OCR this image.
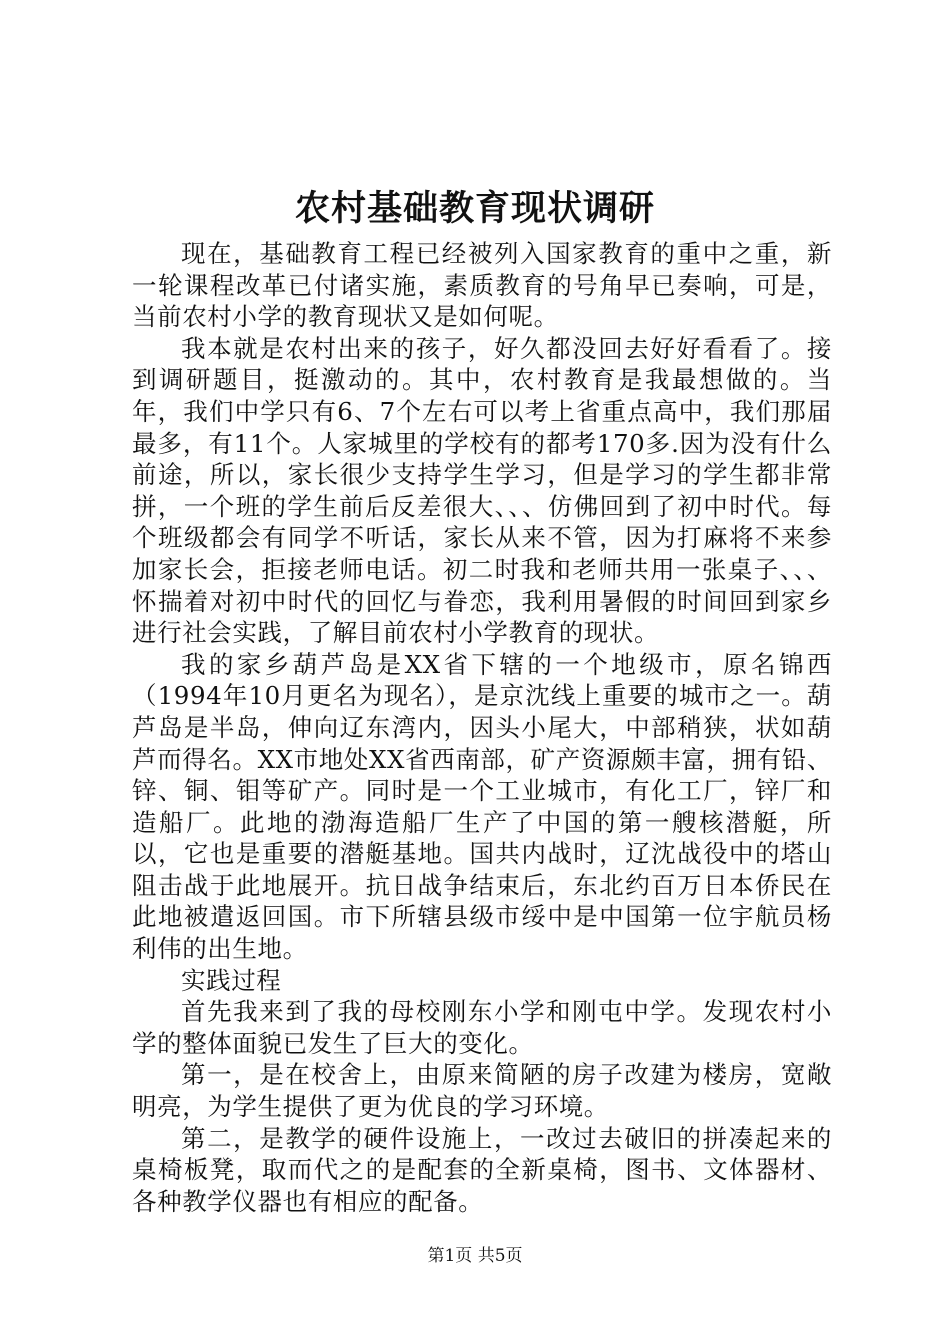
农村基础教育现状调研

现在，基础教育工程已经被列入国家教育的重中之重，新一轮课程改革已付诸实施，素质教育的号角早已奏响，可是，当前农村小学的教育现状又是如何呢。

我本就是农村出来的孩子，好久都没回去好好看看了。接到调研题目，挺激动的。其中，农村教育是我最想做的。当年，我们中学只有6、7个左右可以考上省重点高中，我们那届最多，有11个。人家城里的学校有的都考170多.因为没有什么前途，所以，家长很少支持学生学习，但是学习的学生都非常拼，一个班的学生前后反差很大、、、仿佛回到了初中时代。每个班级都会有同学不听话，家长从来不管，因为打麻将不来参加家长会，拒接老师电话。初二时我和老师共用一张桌子、、、怀揣着对初中时代的回忆与眷恋，我利用暑假的时间回到家乡进行社会实践，了解目前农村小学教育的现状。

我的家乡葫芦岛是XX省下辖的一个地级市，原名锦西（1994年10月更名为现名），是京沈线上重要的城市之一。葫芦岛是半岛，伸向辽东湾内，因头小尾大，中部稍狭，状如葫芦而得名。XX市地处XX省西南部，矿产资源颇丰富，拥有铅、锌、铜、钼等矿产。同时是一个工业城市，有化工厂，锌厂和造船厂。此地的渤海造船厂生产了中国的第一艘核潜艇，所以，它也是重要的潜艇基地。国共内战时，辽沈战役中的塔山阻击战于此地展开。抗日战争结束后，东北约百万日本侨民在此地被遣返回国。市下所辖县级市绥中是中国第一位宇航员杨利伟的出生地。

实践过程

首先我来到了我的母校刚东小学和刚屯中学。发现农村小学的整体面貌已发生了巨大的变化。

第一，是在校舍上，由原来简陋的房子改建为楼房，宽敞明亮，为学生提供了更为优良的学习环境。

第二，是教学的硬件设施上，一改过去破旧的拼凑起来的桌椅板凳，取而代之的是配套的全新桌椅，图书、文体器材、各种教学仪器也有相应的配备。

第1页 共5页
